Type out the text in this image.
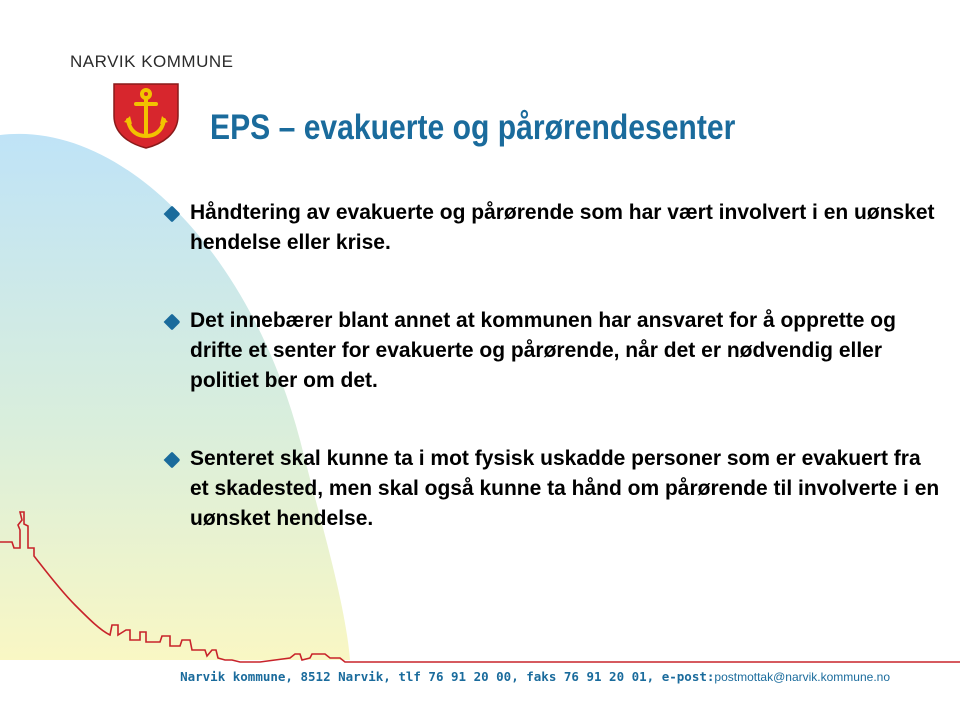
NARVIK KOMMUNE
EPS – evakuerte og pårørendesenter
Håndtering av evakuerte og pårørende som har vært involvert i en uønsket hendelse eller krise.
Det innebærer blant annet at kommunen har ansvaret for å opprette og drifte et senter for evakuerte og pårørende, når det er nødvendig eller politiet ber om det.
Senteret skal kunne ta i mot fysisk uskadde personer som er evakuert fra et skadested, men skal også kunne ta hånd om pårørende til involverte i en uønsket hendelse.
Narvik kommune, 8512 Narvik, tlf 76 91 20 00, faks 76 91 20 01, e-post:postmottak@narvik.kommune.no
